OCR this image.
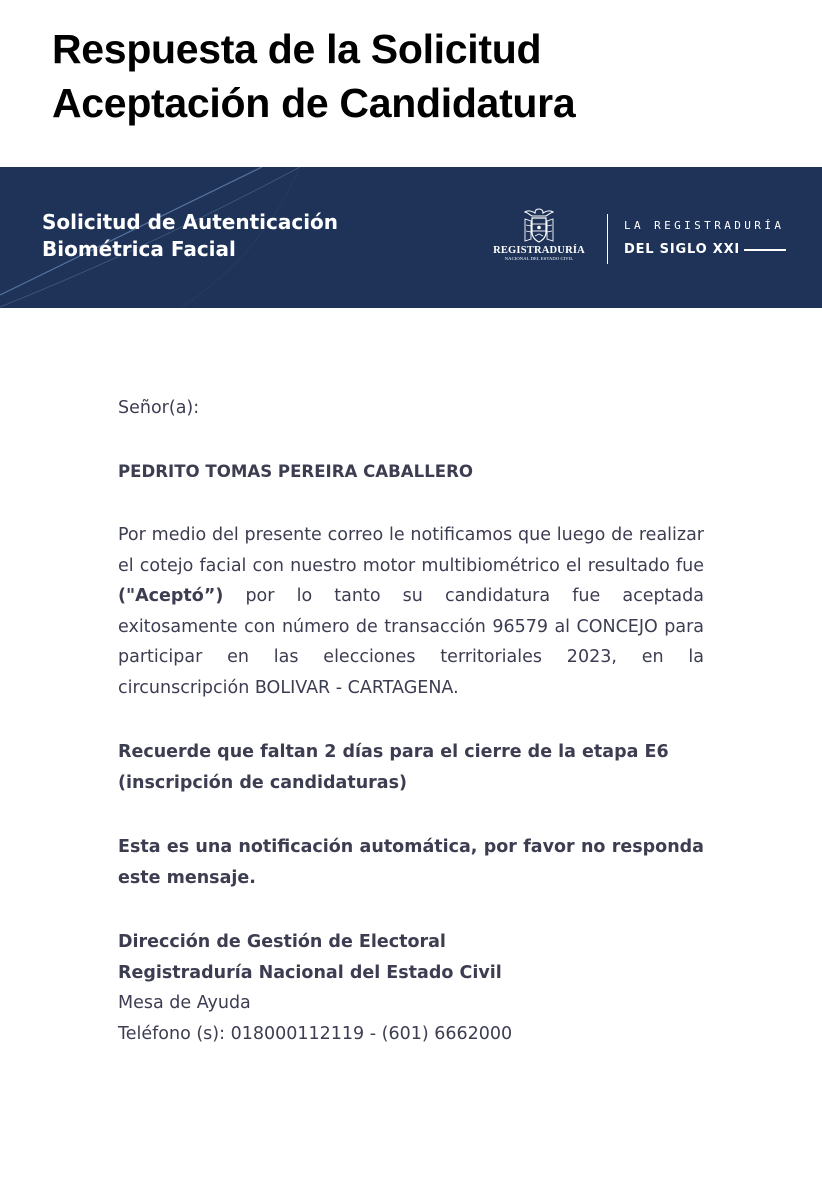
Respuesta de la Solicitud
Aceptación de Candidatura
Solicitud de Autenticación
Biométrica Facial	REGISTRADURÍA
NACIONAL DEL ESTADO CIVIL
LA REGISTRADURÍA
DEL SIGLO XXI

Señor(a):

PEDRITO TOMAS PEREIRA CABALLERO

Por medio del presente correo le notificamos que luego de realizar el cotejo facial con nuestro motor multibiométrico el resultado fue ("Aceptó”) por lo tanto su candidatura fue aceptada exitosamente con número de transacción 96579 al CONCEJO para participar en las elecciones territoriales 2023, en la circunscripción BOLIVAR - CARTAGENA.

Recuerde que faltan 2 días para el cierre de la etapa E6 (inscripción de candidaturas)

Esta es una notificación automática, por favor no responda este mensaje.

Dirección de Gestión de Electoral
Registraduría Nacional del Estado Civil
Mesa de Ayuda
Teléfono (s): 018000112119 - (601) 6662000
